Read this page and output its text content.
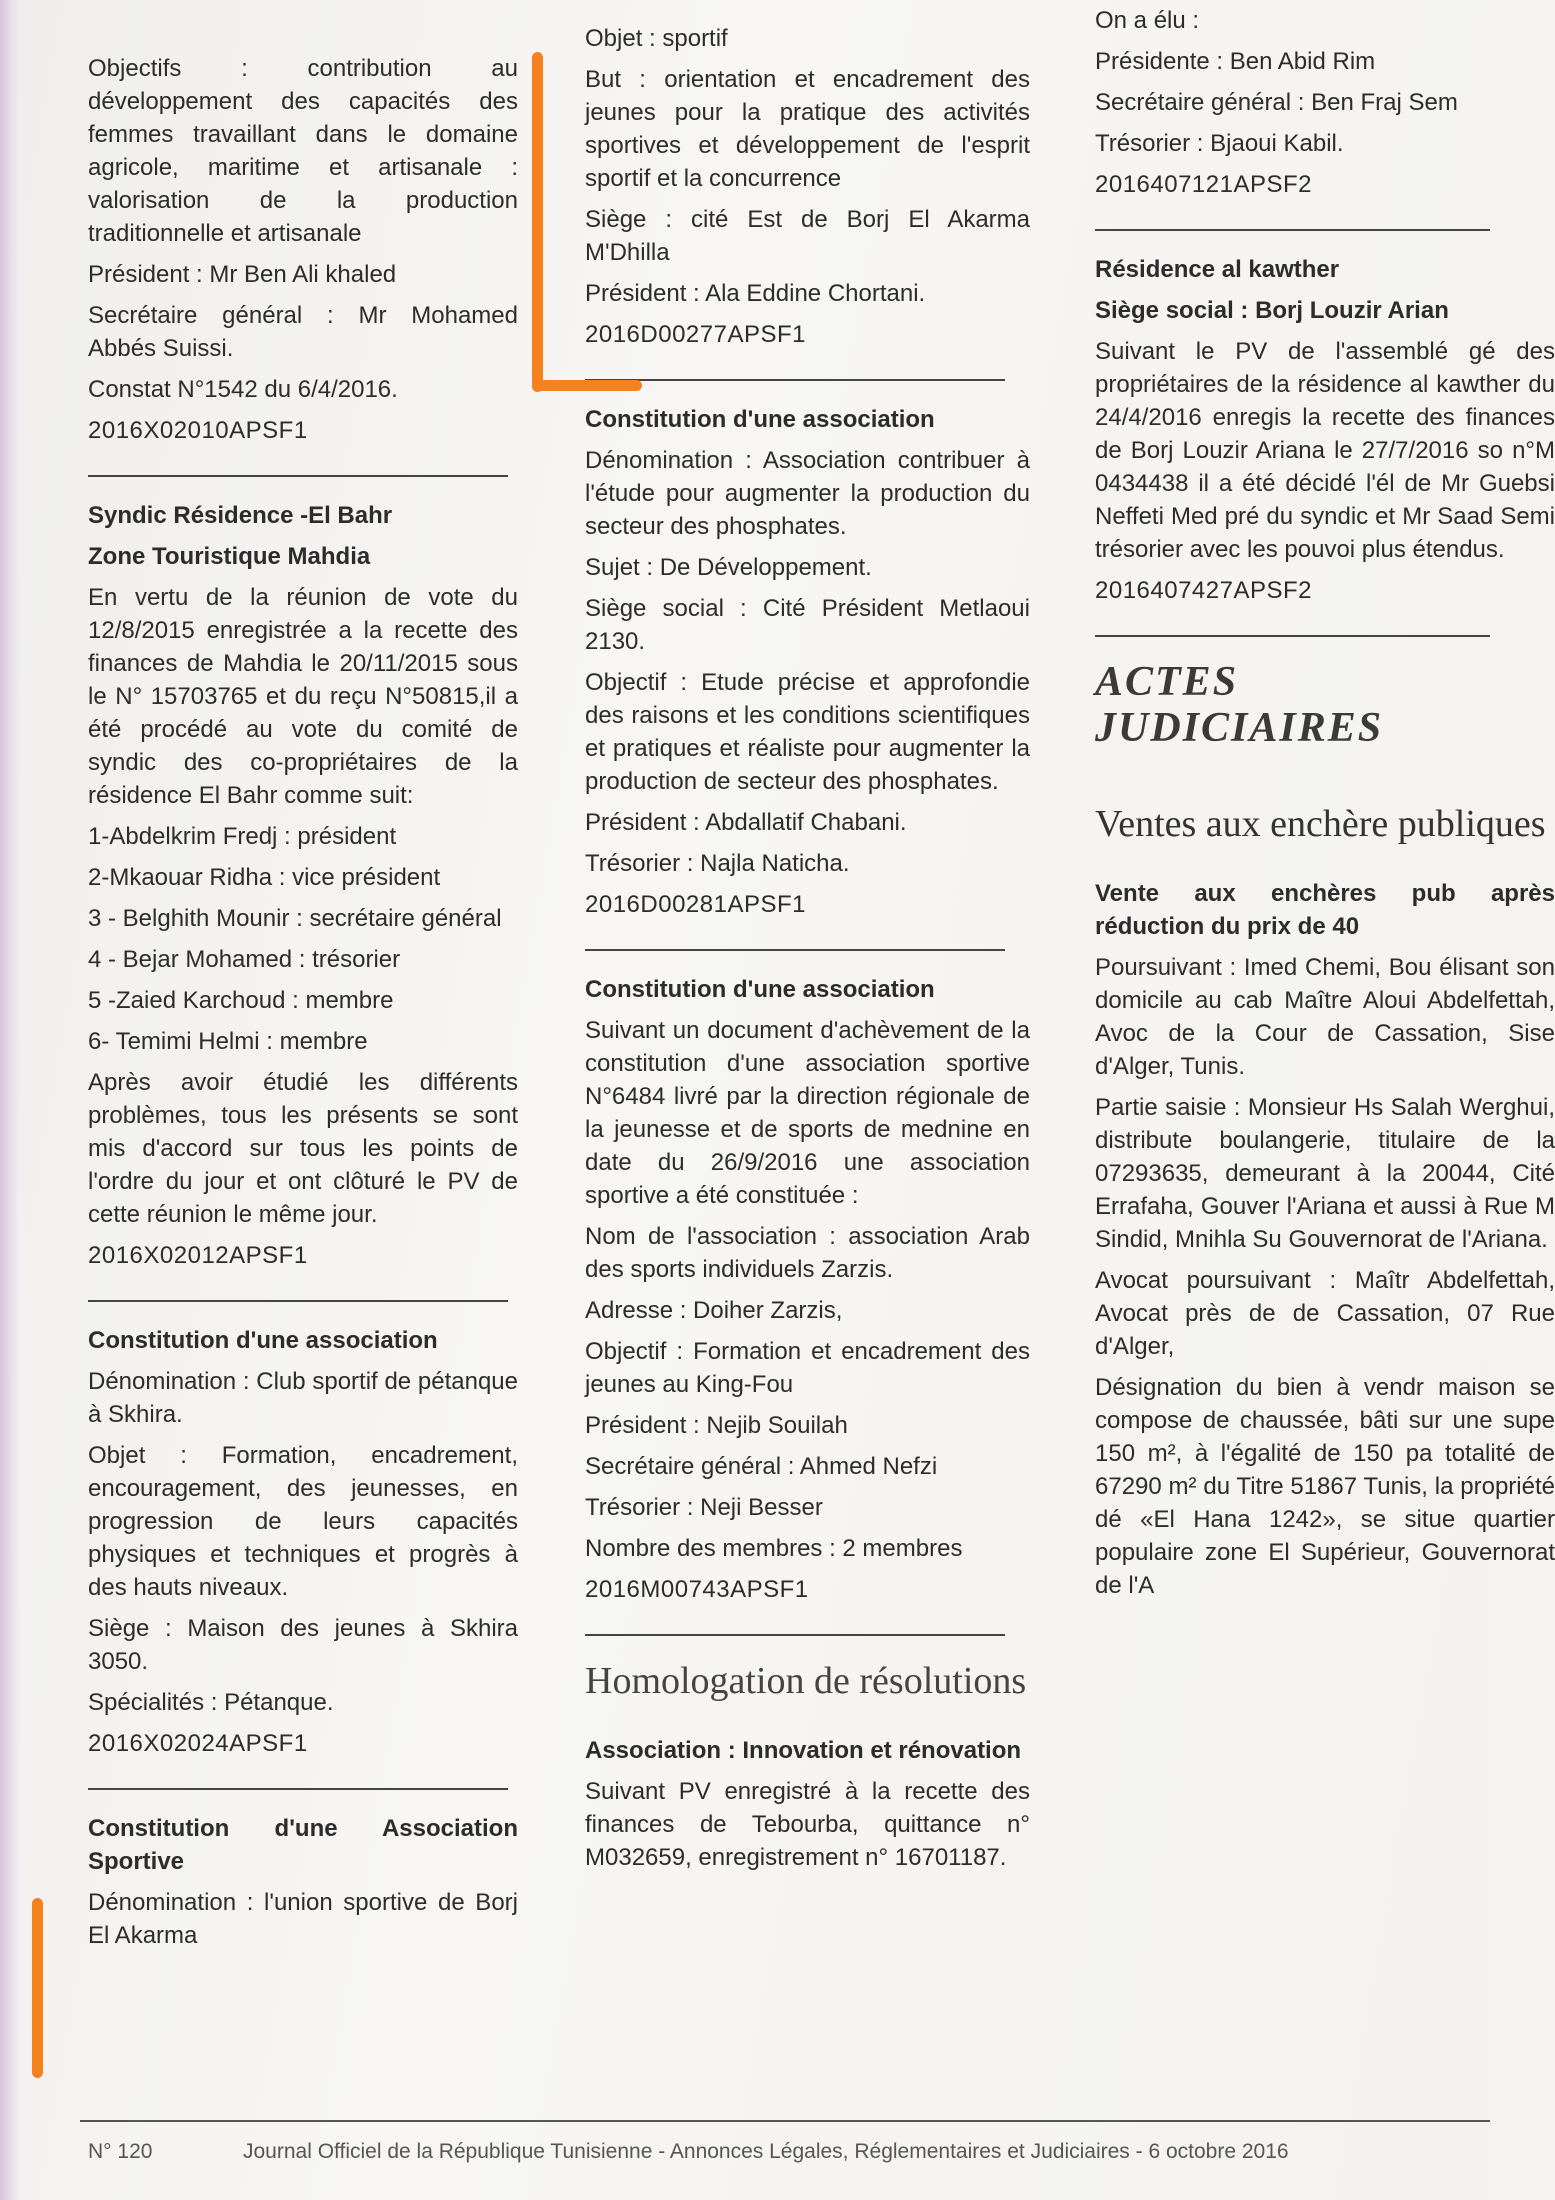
Objectifs : contribution au développement des capacités des femmes travaillant dans le domaine agricole, maritime et artisanale : valorisation de la production traditionnelle et artisanale

Président : Mr Ben Ali khaled

Secrétaire général : Mr Mohamed Abbés Suissi.

Constat N°1542 du 6/4/2016.

2016X02010APSF1

Syndic Résidence -El Bahr

Zone Touristique Mahdia

En vertu de la réunion de vote du 12/8/2015 enregistrée a la recette des finances de Mahdia le 20/11/2015 sous le N° 15703765 et du reçu N°50815,il a été procédé au vote du comité de syndic des co-propriétaires de la résidence El Bahr comme suit:

1-Abdelkrim Fredj : président

2-Mkaouar Ridha : vice président

3 - Belghith Mounir : secrétaire général

4 - Bejar Mohamed : trésorier

5 -Zaied Karchoud : membre

6- Temimi Helmi : membre

Après avoir étudié les différents problèmes, tous les présents se sont mis d'accord sur tous les points de l'ordre du jour et ont clôturé le PV de cette réunion le même jour.

2016X02012APSF1

Constitution d'une association

Dénomination : Club sportif de pétanque à Skhira.

Objet : Formation, encadrement, encouragement, des jeunesses, en progression de leurs capacités physiques et techniques et progrès à des hauts niveaux.

Siège : Maison des jeunes à Skhira 3050.

Spécialités : Pétanque.

2016X02024APSF1

Constitution d'une Association Sportive

Dénomination : l'union sportive de Borj El Akarma

Objet : sportif

But : orientation et encadrement des jeunes pour la pratique des activités sportives et développement de l'esprit sportif et la concurrence

Siège : cité Est de Borj El Akarma M'Dhilla

Président : Ala Eddine Chortani.

2016D00277APSF1

Constitution d'une association

Dénomination : Association contribuer à l'étude pour augmenter la production du secteur des phosphates.

Sujet : De Développement.

Siège social : Cité Président Metlaoui 2130.

Objectif : Etude précise et approfondie des raisons et les conditions scientifiques et pratiques et réaliste pour augmenter la production de secteur des phosphates.

Président : Abdallatif Chabani.

Trésorier : Najla Naticha.

2016D00281APSF1

Constitution d'une association

Suivant un document d'achèvement de la constitution d'une association sportive N°6484 livré par la direction régionale de la jeunesse et de sports de mednine en date du 26/9/2016 une association sportive a été constituée :

Nom de l'association : association Arab des sports individuels Zarzis.

Adresse : Doiher Zarzis,

Objectif : Formation et encadrement des jeunes au King-Fou

Président : Nejib Souilah

Secrétaire général : Ahmed Nefzi

Trésorier : Neji Besser

Nombre des membres : 2 membres

2016M00743APSF1

Homologation de résolutions

Association : Innovation et rénovation

Suivant PV enregistré à la recette des finances de Tebourba, quittance n° M032659, enregistrement n° 16701187.

On a élu :

Présidente : Ben Abid Rim

Secrétaire général : Ben Fraj Sem

Trésorier : Bjaoui Kabil.

2016407121APSF2

Résidence al kawther

Siège social : Borj Louzir Arian

Suivant le PV de l'assemblé gé des propriétaires de la résidence al kawther du 24/4/2016 enregis la recette des finances de Borj Louzir Ariana le 27/7/2016 so n°M 0434438 il a été décidé l'él de Mr Guebsi Neffeti Med pré du syndic et Mr Saad Semi trésorier avec les pouvoi plus étendus.

2016407427APSF2

ACTES

JUDICIAIRES

Ventes aux enchère publiques

Vente aux enchères pub après réduction du prix de 40

Poursuivant : Imed Chemi, Bou élisant son domicile au cab Maître Aloui Abdelfettah, Avoc de la Cour de Cassation, Sise d'Alger, Tunis.

Partie saisie : Monsieur Hs Salah Werghui, distribute boulangerie, titulaire de la 07293635, demeurant à la 20044, Cité Errafaha, Gouver l'Ariana et aussi à Rue M Sindid, Mnihla Su Gouvernorat de l'Ariana.

Avocat poursuivant : Maîtr Abdelfettah, Avocat près de de Cassation, 07 Rue d'Alger,

Désignation du bien à vendr maison se compose de chaussée, bâti sur une supe 150 m², à l'égalité de 150 pa totalité de 67290 m² du Titre 51867 Tunis, la propriété dé «El Hana 1242», se situe quartier populaire zone El Supérieur, Gouvernorat de l'A

N° 120	Journal Officiel de la République Tunisienne - Annonces Légales, Réglementaires et Judiciaires - 6 octobre 2016
